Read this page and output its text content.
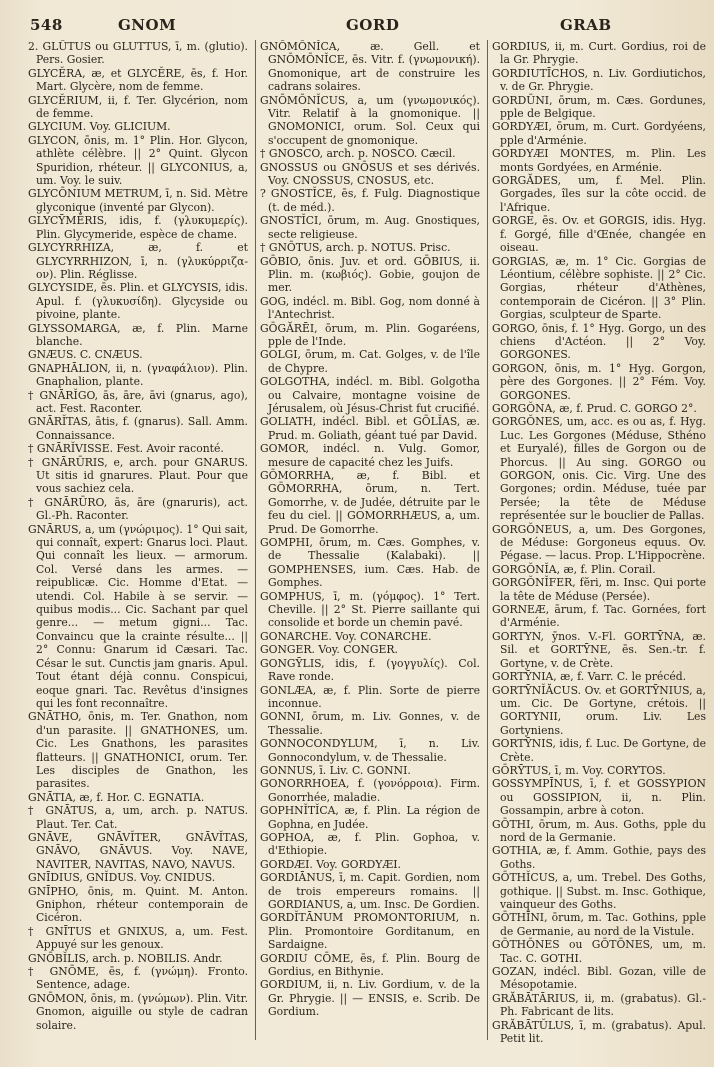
548	GNOM	GORD	GRAB

2. GLŪTUS ou GLUTTUS, ī, m. (glutio). Pers. Gosier.

GLYCĔRA, æ, et GLYCĔRE, ēs, f. Hor. Mart. Glycère, nom de femme.

GLYCĔRIUM, ii, f. Ter. Glycérion, nom de femme.

GLYCIUM. Voy. GLICIUM.

GLYCON, ōnis, m. 1° Plin. Hor. Glycon, athlète célèbre. || 2° Quint. Glycon Spuridion, rhéteur. || GLYCONIUS, a, um. Voy. le suiv.

GLYCŌNIUM METRUM, ī, n. Sid. Mètre glyconique (inventé par Glycon).

GLYCȲMĔRIS, idis, f. (γλυκυμερίς). Plin. Glycymeride, espèce de chame.

GLYCYRRHIZA, æ, f. et GLYCYRRHIZON, ī, n. (γλυκύρριζα-ον). Plin. Réglisse.

GLYCYSIDE, ēs. Plin. et GLYCYSIS, idis. Apul. f. (γλυκυσίδη). Glycyside ou pivoine, plante.

GLYSSOMARGA, æ, f. Plin. Marne blanche.

GNÆUS. C. CNÆUS.

GNAPHĀLION, ii, n. (γναφάλιον). Plin. Gnaphalion, plante.

† GNĀRĬGO, ās, āre, āvi (gnarus, ago), act. Fest. Raconter.

GNĀRĬTAS, ātis, f. (gnarus). Sall. Amm. Connaissance.

† GNĀRĬVISSE. Fest. Avoir raconté.

† GNĀRŪRIS, e, arch. pour GNARUS. Ut sitis id gnarures. Plaut. Pour que vous sachiez cela.

† GNĀRŪRO, ās, āre (gnaruris), act. Gl.-Ph. Raconter.

GNĀRUS, a, um (γνώριμος). 1° Qui sait, qui connaît, expert: Gnarus loci. Plaut. Qui connaît les lieux. — armorum. Col. Versé dans les armes. — reipublicæ. Cic. Homme d'Etat. — utendi. Col. Habile à se servir. — quibus modis... Cic. Sachant par quel genre... — metum gigni... Tac. Convaincu que la crainte résulte... || 2° Connu: Gnarum id Cæsari. Tac. César le sut. Cunctis jam gnaris. Apul. Tout étant déjà connu. Conspicui, eoque gnari. Tac. Revêtus d'insignes qui les font reconnaître.

GNĀTHO, ōnis, m. Ter. Gnathon, nom d'un parasite. || GNATHONES, um. Cic. Les Gnathons, les parasites flatteurs. || GNATHONICI, orum. Ter. Les disciples de Gnathon, les parasites.

GNĀTIA, æ, f. Hor. C. EGNATIA.

† GNĀTUS, a, um, arch. p. NATUS. Plaut. Ter. Cat.

GNĀVE, GNĀVĬTER, GNĀVĬTAS, GNĀVO, GNĀVUS. Voy. NAVE, NAVITER, NAVITAS, NAVO, NAVUS.

GNĪDIUS, GNĬDUS. Voy. CNIDUS.

GNĪPHO, ōnis, m. Quint. M. Anton. Gniphon, rhéteur contemporain de Cicéron.

† GNĪTUS et GNIXUS, a, um. Fest. Appuyé sur les genoux.

GNŌBĬLIS, arch. p. NOBILIS. Andr.

† GNŌME, ēs, f. (γνώμη). Fronto. Sentence, adage.

GNŌMON, ōnis, m. (γνώμων). Plin. Vitr. Gnomon, aiguille ou style de cadran solaire.

GNŌMŌNĬCA, æ. Gell. et GNŌMŌNĬCE, ēs. Vitr. f. (γνωμονική). Gnomonique, art de construire les cadrans solaires.

GNŌMŌNĬCUS, a, um (γνωμονικός). Vitr. Relatif à la gnomonique. || GNOMONICI, orum. Sol. Ceux qui s'occupent de gnomonique.

† GNOSCO, arch. p. NOSCO. Cæcil.

GNOSSUS ou GNŌSUS et ses dérivés. Voy. CNOSSUS, CNOSUS, etc.

? GNOSTĬCE, ēs, f. Fulg. Diagnostique (t. de méd.).

GNOSTĬCI, ōrum, m. Aug. Gnostiques, secte religieuse.

† GNŌTUS, arch. p. NOTUS. Prisc.

GŌBIO, ōnis. Juv. et ord. GŌBIUS, ii. Plin. m. (κωβιός). Gobie, goujon de mer.

GOG, indécl. m. Bibl. Gog, nom donné à l'Antechrist.

GŌGĂRĒI, ōrum, m. Plin. Gogaréens, pple de l'Inde.

GOLGI, ōrum, m. Cat. Golges, v. de l'île de Chypre.

GOLGOTHA, indécl. m. Bibl. Golgotha ou Calvaire, montagne voisine de Jérusalem, où Jésus-Christ fut crucifié.

GOLIATH, indécl. Bibl. et GŌLĬAS, æ. Prud. m. Goliath, géant tué par David.

GOMOR, indécl. n. Vulg. Gomor, mesure de capacité chez les Juifs.

GŌMORRHA, æ, f. Bibl. et GŌMORRHA, ōrum, n. Tert. Gomorrhe, v. de Judée, détruite par le feu du ciel. || GOMORRHÆUS, a, um. Prud. De Gomorrhe.

GOMPHI, ōrum, m. Cæs. Gomphes, v. de Thessalie (Kalabaki). || GOMPHENSES, ium. Cæs. Hab. de Gomphes.

GOMPHUS, ī, m. (γόμφος). 1° Tert. Cheville. || 2° St. Pierre saillante qui consolide et borde un chemin pavé.

GONARCHE. Voy. CONARCHE.

GONGER. Voy. CONGER.

GONGȲLIS, idis, f. (γογγυλίς). Col. Rave ronde.

GONLÆA, æ, f. Plin. Sorte de pierre inconnue.

GONNI, ōrum, m. Liv. Gonnes, v. de Thessalie.

GONNOCONDYLUM, ī, n. Liv. Gonnocondylum, v. de Thessalie.

GONNUS, ī. Liv. C. GONNI.

GONORRHOEA, f. (γονόρροια). Firm. Gonorrhée, maladie.

GOPHNĬTĬCA, æ, f. Plin. La région de Gophna, en Judée.

GOPHOA, æ, f. Plin. Gophoa, v. d'Ethiopie.

GORDÆI. Voy. GORDYÆI.

GORDIĀNUS, ī, m. Capit. Gordien, nom de trois empereurs romains. || GORDIANUS, a, um. Insc. De Gordien.

GORDĬTĀNUM PROMONTORIUM, n. Plin. Promontoire Gorditanum, en Sardaigne.

GORDIU CŌME, ēs, f. Plin. Bourg de Gordius, en Bithynie.

GORDIUM, ii, n. Liv. Gordium, v. de la Gr. Phrygie. || — ENSIS, e. Scrib. De Gordium.

GORDIUS, ii, m. Curt. Gordius, roi de la Gr. Phrygie.

GORDIUTĪCHOS, n. Liv. Gordiutichos, v. de Gr. Phrygie.

GORDŪNI, ōrum, m. Cæs. Gordunes, pple de Belgique.

GORDYÆI, ōrum, m. Curt. Gordyéens, pple d'Arménie.

GORDYÆI MONTES, m. Plin. Les monts Gordyées, en Arménie.

GORGĂDES, um, f. Mel. Plin. Gorgades, îles sur la côte occid. de l'Afrique.

GORGE, ēs. Ov. et GORGIS, idis. Hyg. f. Gorgé, fille d'Œnée, changée en oiseau.

GORGIAS, æ, m. 1° Cic. Gorgias de Léontium, célèbre sophiste. || 2° Cic. Gorgias, rhéteur d'Athènes, contemporain de Cicéron. || 3° Plin. Gorgias, sculpteur de Sparte.

GORGO, ōnis, f. 1° Hyg. Gorgo, un des chiens d'Actéon. || 2° Voy. GORGONES.

GORGON, ōnis, m. 1° Hyg. Gorgon, père des Gorgones. || 2° Fém. Voy. GORGONES.

GORGŎNA, æ, f. Prud. C. GORGO 2°.

GORGŎNES, um, acc. es ou as, f. Hyg. Luc. Les Gorgones (Méduse, Sthéno et Euryalé), filles de Gorgon ou de Phorcus. || Au sing. GORGO ou GORGON, onis. Cic. Virg. Une des Gorgones; ordin. Méduse, tuée par Persée; la tête de Méduse représentée sur le bouclier de Pallas.

GORGŎNEUS, a, um. Des Gorgones, de Méduse: Gorgoneus equus. Ov. Pégase. — lacus. Prop. L'Hippocrène.

GORGŎNĬA, æ, f. Plin. Corail.

GORGŎNĬFER, fĕri, m. Insc. Qui porte la tête de Méduse (Persée).

GORNEÆ, ārum, f. Tac. Gornées, fort d'Arménie.

GORTYN, ȳnos. V.-Fl. GORTȲNA, æ. Sil. et GORTȲNE, ēs. Sen.-tr. f. Gortyne, v. de Crète.

GORTȲNIA, æ, f. Varr. C. le précéd.

GORTȲNĬĂCUS. Ov. et GORTȲNIUS, a, um. Cic. De Gortyne, crétois. || GORTYNII, orum. Liv. Les Gortyniens.

GORTȲNIS, idis, f. Luc. De Gortyne, de Crète.

GŌRȲTUS, ī, m. Voy. CORYTOS.

GOSSYMPĪNUS, ī, f. et GOSSYPION ou GOSSIPION, ii, n. Plin. Gossampin, arbre à coton.

GŌTHI, ōrum, m. Aus. Goths, pple du nord de la Germanie.

GOTHIA, æ, f. Amm. Gothie, pays des Goths.

GŌTHĬCUS, a, um. Trebel. Des Goths, gothique. || Subst. m. Insc. Gothique, vainqueur des Goths.

GŌTHĪNI, ōrum, m. Tac. Gothins, pple de Germanie, au nord de la Vistule.

GŌTHŌNES ou GŌTŌNES, um, m. Tac. C. GOTHI.

GOZAN, indécl. Bibl. Gozan, ville de Mésopotamie.

GRĂBĀTĀRIUS, ii, m. (grabatus). Gl.-Ph. Fabricant de lits.

GRĂBĀTŬLUS, ī, m. (grabatus). Apul. Petit lit.
